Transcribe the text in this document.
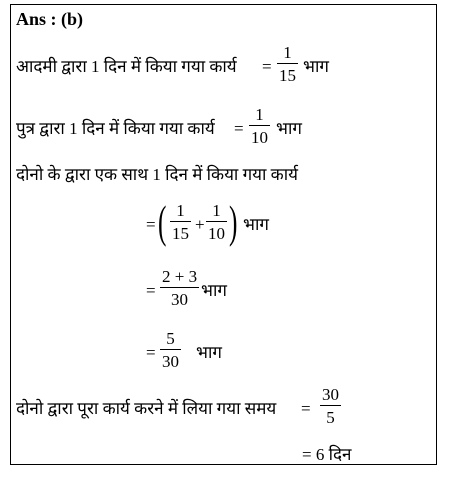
Ans : (b)
आदमी द्वारा 1 दिन में किया गया कार्य =
1
15 भाग
पुत्र द्वारा 1 दिन में किया गया कार्य =
1
10 भाग
दोनो के द्वारा एक साथ 1 दिन में किया गया कार्य
= ( 1
15 +
1
10 ) भाग
=
2 + 3
30 भाग
=
5
30 भाग
दोनो द्वारा पूरा कार्य करने में लिया गया समय =
30
5
= 6 दिन
